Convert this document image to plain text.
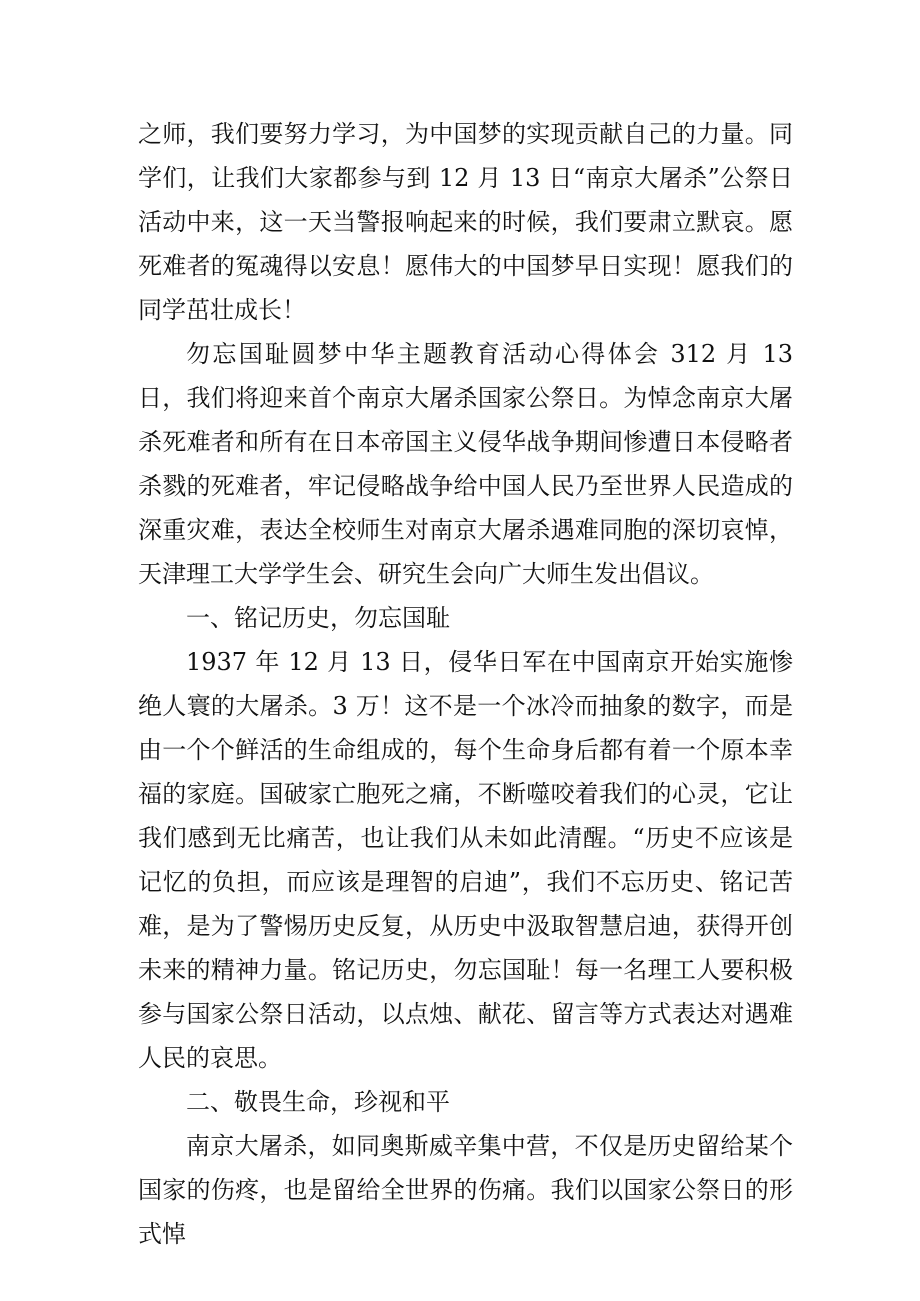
之师，我们要努力学习，为中国梦的实现贡献自己的力量。同学们，让我们大家都参与到 12 月 13 日“南京大屠杀”公祭日活动中来，这一天当警报响起来的时候，我们要肃立默哀。愿死难者的冤魂得以安息！愿伟大的中国梦早日实现！愿我们的同学茁壮成长！

勿忘国耻圆梦中华主题教育活动心得体会 312 月 13 日，我们将迎来首个南京大屠杀国家公祭日。为悼念南京大屠杀死难者和所有在日本帝国主义侵华战争期间惨遭日本侵略者杀戮的死难者，牢记侵略战争给中国人民乃至世界人民造成的深重灾难，表达全校师生对南京大屠杀遇难同胞的深切哀悼，天津理工大学学生会、研究生会向广大师生发出倡议。

一、铭记历史，勿忘国耻

1937 年 12 月 13 日，侵华日军在中国南京开始实施惨绝人寰的大屠杀。3 万！这不是一个冰冷而抽象的数字，而是由一个个鲜活的生命组成的，每个生命身后都有着一个原本幸福的家庭。国破家亡胞死之痛，不断噬咬着我们的心灵，它让我们感到无比痛苦，也让我们从未如此清醒。“历史不应该是记忆的负担，而应该是理智的启迪”，我们不忘历史、铭记苦难，是为了警惕历史反复，从历史中汲取智慧启迪，获得开创未来的精神力量。铭记历史，勿忘国耻！每一名理工人要积极参与国家公祭日活动，以点烛、献花、留言等方式表达对遇难人民的哀思。

二、敬畏生命，珍视和平

南京大屠杀，如同奥斯威辛集中营，不仅是历史留给某个国家的伤疼，也是留给全世界的伤痛。我们以国家公祭日的形式悼
